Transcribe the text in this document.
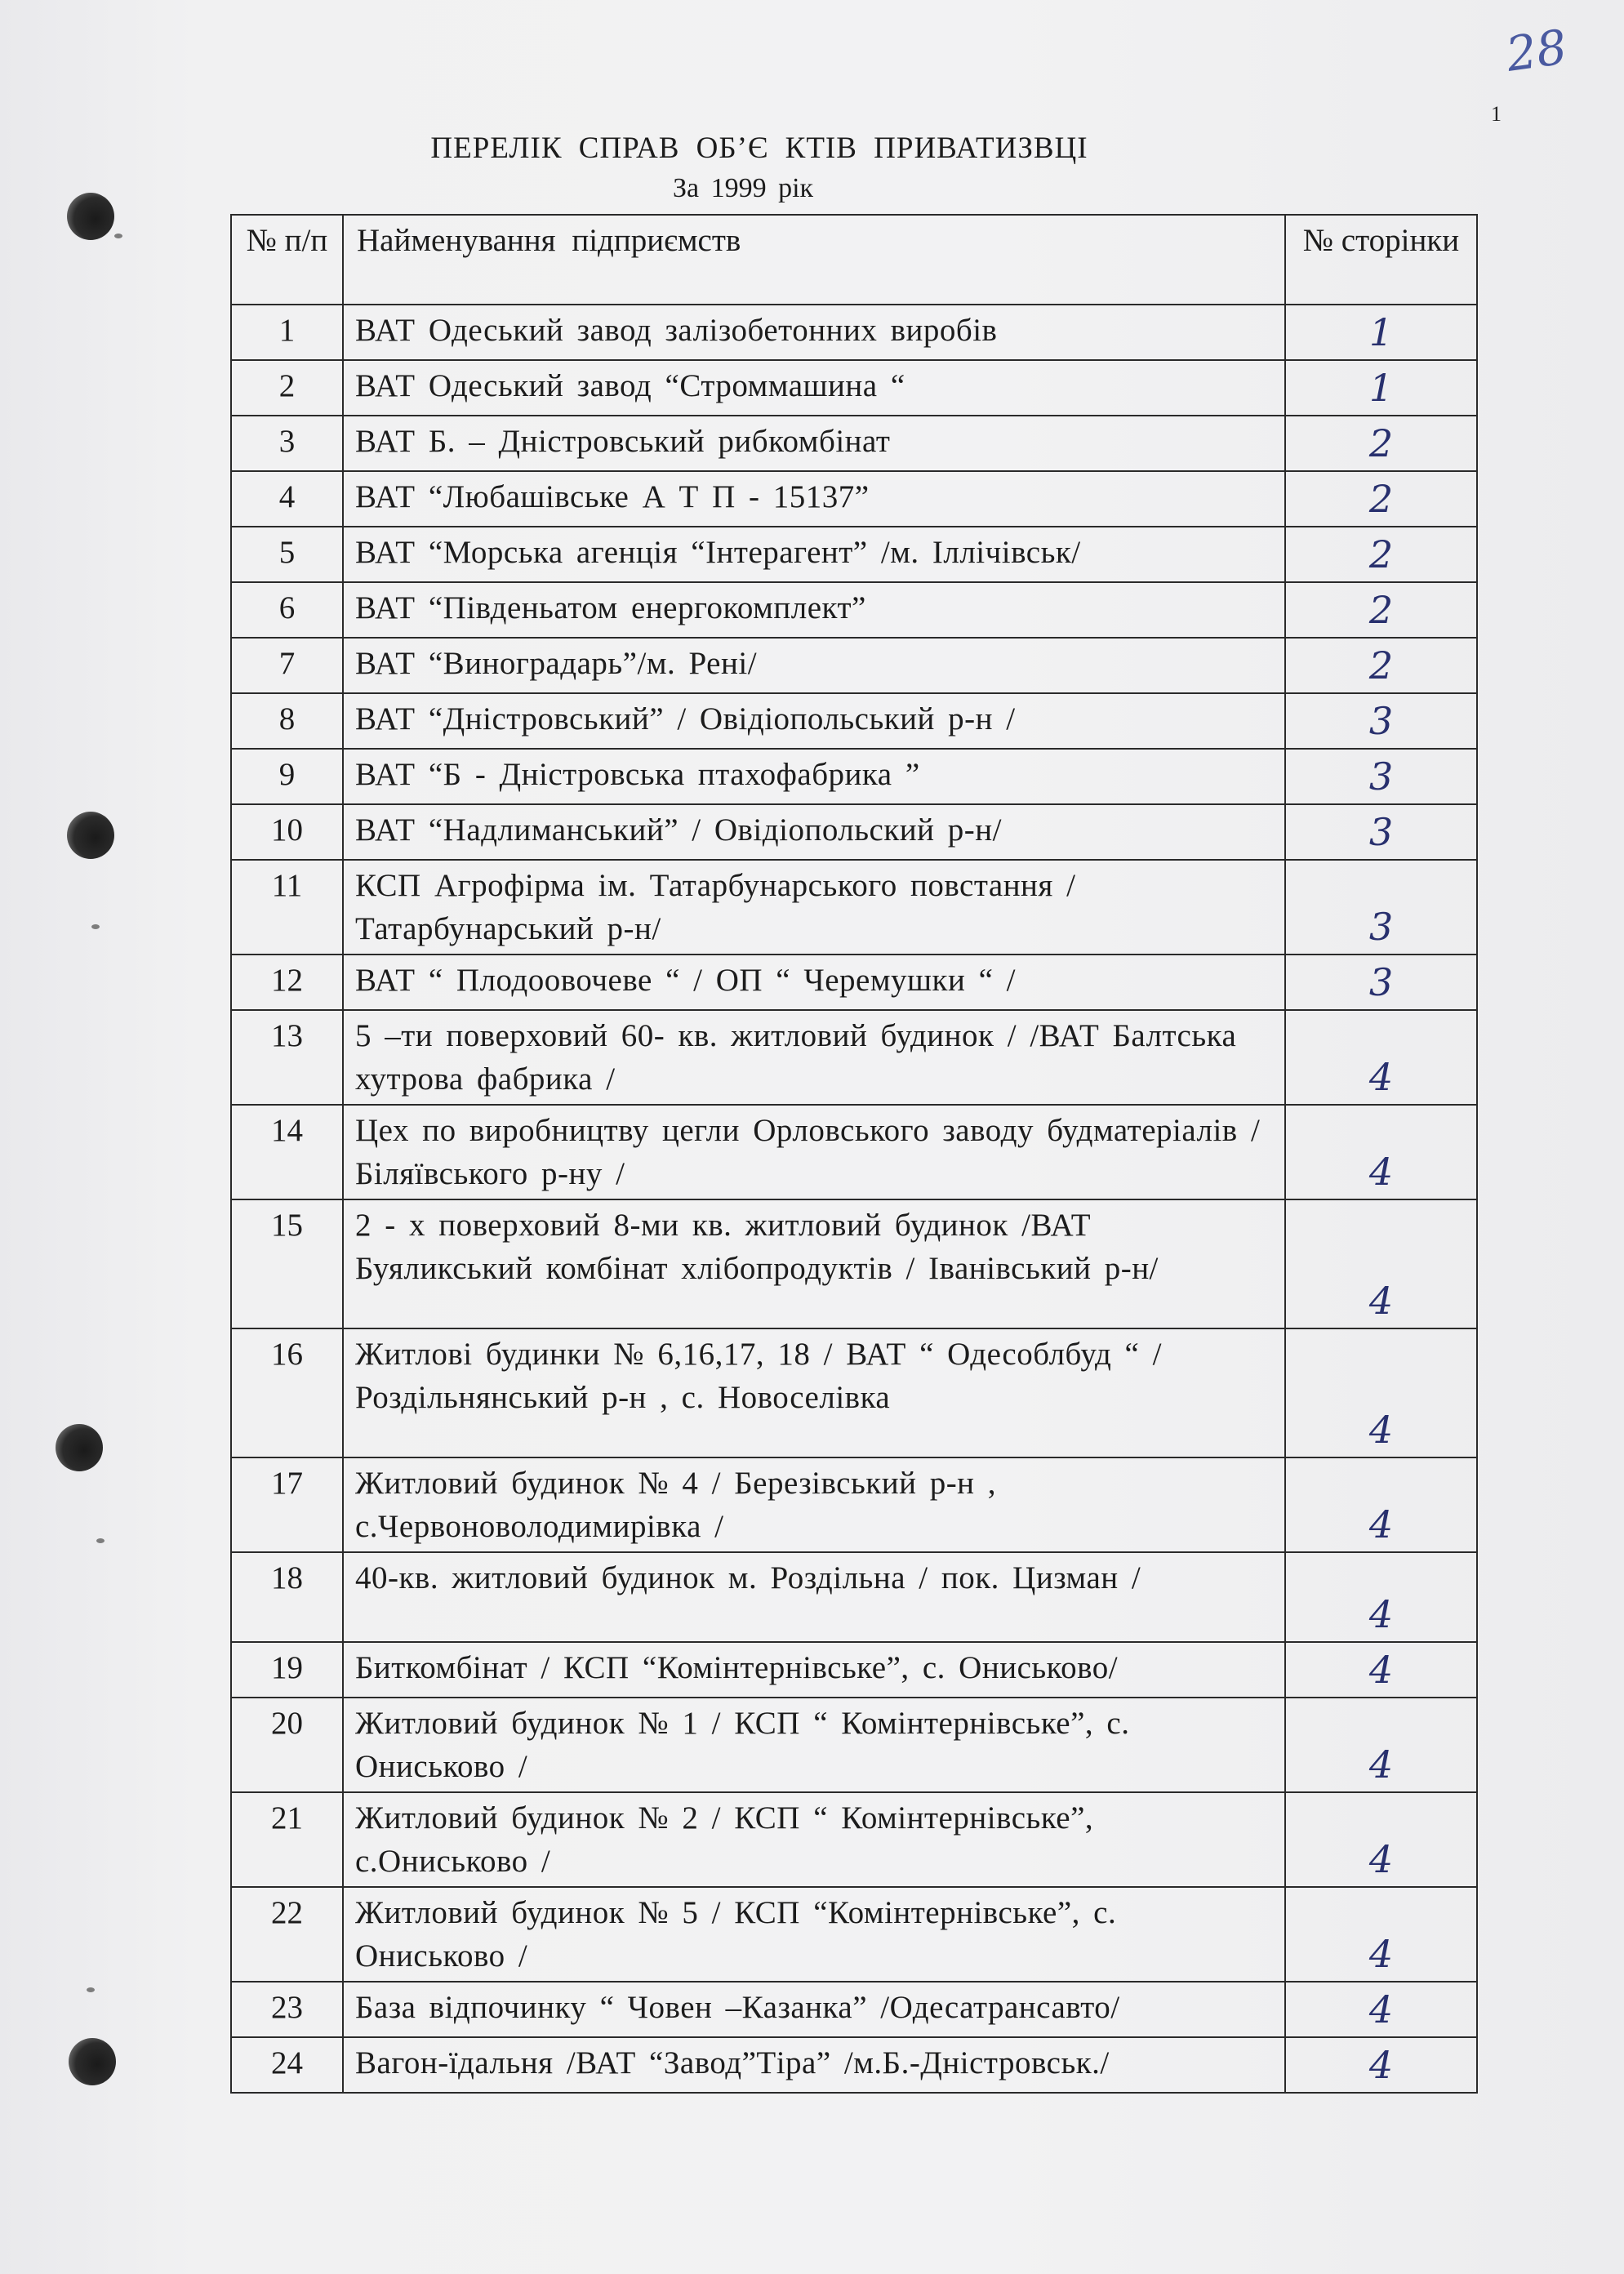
28
1
ПЕРЕЛІК СПРАВ ОБ’Є КТІВ ПРИВАТИЗВЦІ
За 1999 рік
№ п/п	Найменування підприємств	№ сторінки
1	ВАТ Одеський завод залізобетонних виробів	1
2	ВАТ Одеський завод “Строммашина “	1
3	ВАТ Б. – Дністровський рибкомбінат	2
4	ВАТ “Любашівське А Т П - 15137”	2
5	ВАТ “Морська агенція “Інтерагент” /м. Іллічівськ/	2
6	ВАТ “Південьатом енергокомплект”	2
7	ВАТ “Виноградарь”/м. Рені/	2
8	ВАТ “Дністровський” / Овідіопольський р-н /	3
9	ВАТ “Б - Дністровська птахофабрика ”	3
10	ВАТ “Надлиманський” / Овідіопольский р-н/	3
11	КСП Агрофірма ім. Татарбунарського повстання /Татарбунарський р-н/	3
12	ВАТ “ Плодоовочеве “ / ОП “ Черемушки “ /	3
13	5 –ти поверховий 60- кв. житловий будинок / /ВАТ Балтська хутрова фабрика /	4
14	Цех по виробництву цегли Орловського заводу будматеріалів / Біляївського р-ну /	4
15	2 - х поверховий 8-ми кв. житловий будинок /ВАТ Буяликський комбінат хлібопродуктів / Іванівський р-н/	4
16	Житлові будинки № 6,16,17, 18 / ВАТ “ Одесоблбуд “ / Роздільнянський р-н , с. Новоселівка	4
17	Житловий будинок № 4 / Березівський р-н , с.Червоноволодимирівка /	4
18	40-кв. житловий будинок м. Роздільна / пок. Цизман /	4
19	Биткомбінат / КСП “Комінтернівське”, с. Ониськово/	4
20	Житловий будинок № 1 / КСП “ Комінтернівське”, с. Ониськово /	4
21	Житловий будинок № 2 / КСП “ Комінтернівське”, с.Ониськово /	4
22	Житловий будинок № 5 / КСП “Комінтернівське”, с. Ониськово /	4
23	База відпочинку “ Човен –Казанка” /Одесатрансавто/	4
24	Вагон-їдальня /ВАТ “Завод”Тіра” /м.Б.-Дністровськ./	4
